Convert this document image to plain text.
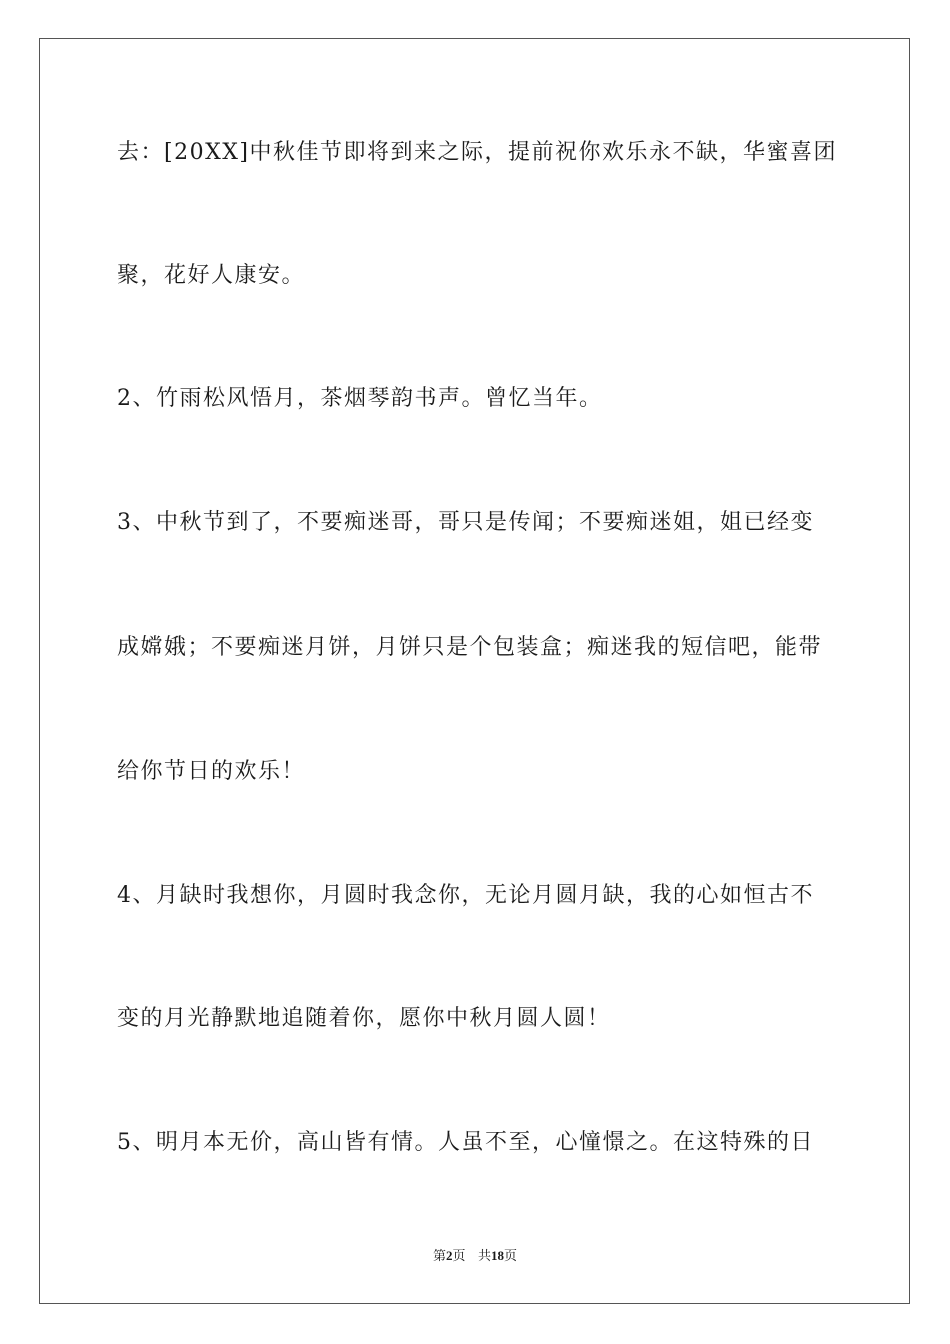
去：[20XX]中秋佳节即将到来之际，提前祝你欢乐永不缺，华蜜喜团
聚，花好人康安。
2、竹雨松风悟月，茶烟琴韵书声。曾忆当年。
3、中秋节到了，不要痴迷哥，哥只是传闻；不要痴迷姐，姐已经变
成嫦娥；不要痴迷月饼，月饼只是个包装盒；痴迷我的短信吧，能带
给你节日的欢乐！
4、月缺时我想你，月圆时我念你，无论月圆月缺，我的心如恒古不
变的月光静默地追随着你，愿你中秋月圆人圆！
5、明月本无价，高山皆有情。人虽不至，心憧憬之。在这特殊的日
第2页 共18页
